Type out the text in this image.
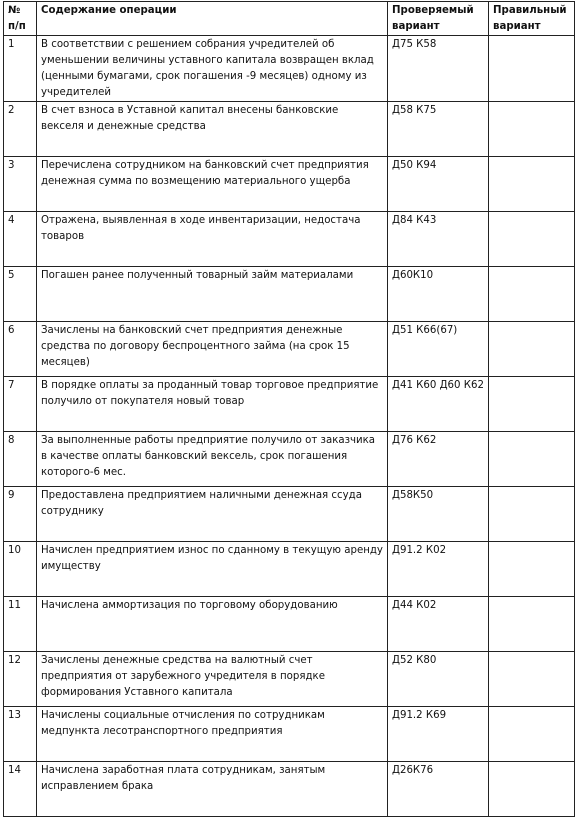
№ п/п	Содержание операции	Проверяемый вариант	Правильный вариант
1	В соответствии с решением собрания учредителей об уменьшении величины уставного капитала возвращен вклад (ценными бумагами, срок погашения -9 месяцев) одному из учредителей	Д75 К58	
2	В счет взноса в Уставной капитал внесены банковские векселя и денежные средства	Д58 К75	
3	Перечислена сотрудником на банковский счет предприятия денежная сумма по возмещению материального ущерба	Д50 К94	
4	Отражена, выявленная в ходе инвентаризации, недостача товаров	Д84 К43	
5	Погашен ранее полученный товарный займ материалами	Д60К10	
6	Зачислены на банковский счет предприятия денежные средства по договору беспроцентного займа (на срок 15 месяцев)	Д51 К66(67)	
7	В порядке оплаты за проданный товар торговое предприятие получило от покупателя новый товар	Д41 К60 Д60 К62	
8	За выполненные работы предприятие получило от заказчика в качестве оплаты банковский вексель, срок погашения которого-6 мес.	Д76 К62	
9	Предоставлена предприятием наличными денежная ссуда сотруднику	Д58К50	
10	Начислен предприятием износ по сданному в текущую аренду имуществу	Д91.2 К02	
11	Начислена аммортизация по торговому оборудованию	Д44 К02	
12	Зачислены денежные средства на валютный счет предприятия от зарубежного учредителя в порядке формирования Уставного капитала	Д52 К80	
13	Начислены социальные отчисления по сотрудникам медпункта лесотранспортного предприятия	Д91.2 К69	
14	Начислена заработная плата сотрудникам, занятым исправлением брака	Д26К76	
